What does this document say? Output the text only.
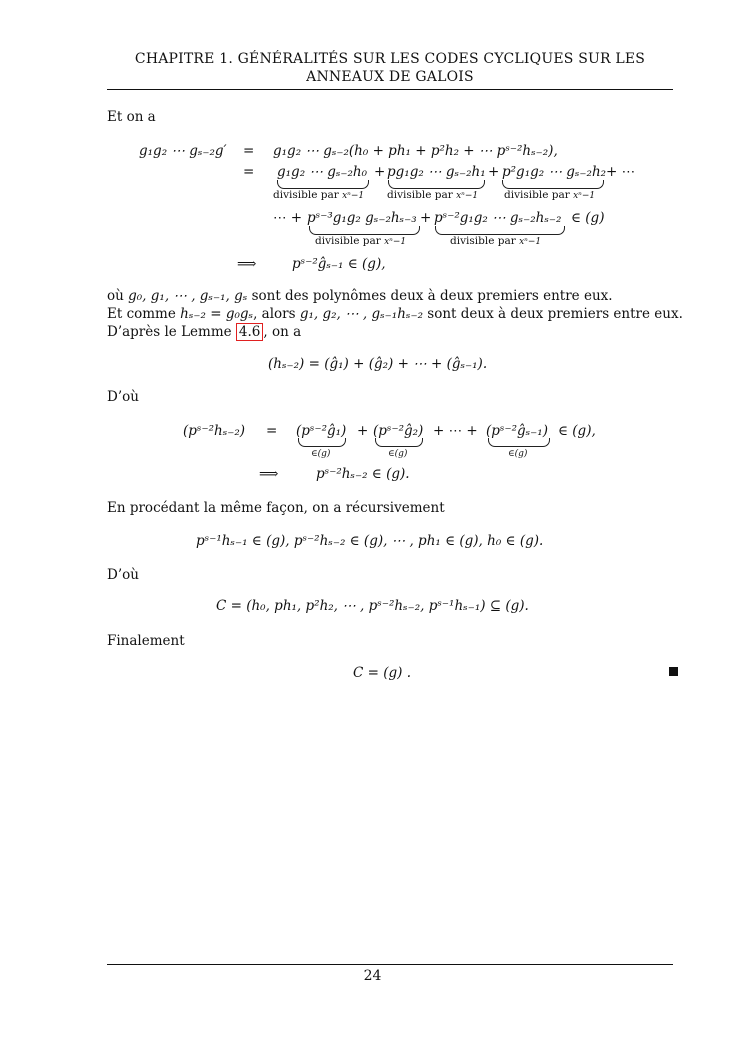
CHAPITRE 1. GÉNÉRALITÉS SUR LES CODES CYCLIQUES SUR LES
ANNEAUX DE GALOIS
Et on a
g₁g₂ ⋯ gₛ₋₂g′ = g₁g₂ ⋯ gₛ₋₂(h₀ + ph₁ + p²h₂ + ⋯ pˢ⁻²hₛ₋₂),
= g₁g₂ ⋯ gₛ₋₂h₀ + pg₁g₂ ⋯ gₛ₋₂h₁ + p²g₁g₂ ⋯ gₛ₋₂h₂ + ⋯
divisible par xⁿ−1 divisible par xⁿ−1 divisible par xⁿ−1
⋯ + pˢ⁻³g₁g₂ gₛ₋₂hₛ₋₃ + pˢ⁻²g₁g₂ ⋯ gₛ₋₂hₛ₋₂ ∈ (g)
divisible par xⁿ−1	divisible par xⁿ−1
⟹	pˢ⁻²ĝₛ₋₁ ∈ (g),
où g₀, g₁, ⋯ , gₛ₋₁, gₛ sont des polynômes deux à deux premiers entre eux.
Et comme hₛ₋₂ = g₀gₛ, alors g₁, g₂, ⋯ , gₛ₋₁hₛ₋₂ sont deux à deux premiers entre eux.
D’après le Lemme 4.6 , on a
(hₛ₋₂) = (ĝ₁) + (ĝ₂) + ⋯ + (ĝₛ₋₁).
D’où
(pˢ⁻²hₛ₋₂) = (pˢ⁻²ĝ₁) + (pˢ⁻²ĝ₂) + ⋯ + (pˢ⁻²ĝₛ₋₁) ∈ (g),
∈(g)	∈(g)	∈(g)
⟹	pˢ⁻²hₛ₋₂ ∈ (g).
En procédant la même façon, on a récursivement
pˢ⁻¹hₛ₋₁ ∈ (g), pˢ⁻²hₛ₋₂ ∈ (g), ⋯ , ph₁ ∈ (g), h₀ ∈ (g).
D’où
C = (h₀, ph₁, p²h₂, ⋯ , pˢ⁻²hₛ₋₂, pˢ⁻¹hₛ₋₁) ⊆ (g).
Finalement
C = (g) .
24
